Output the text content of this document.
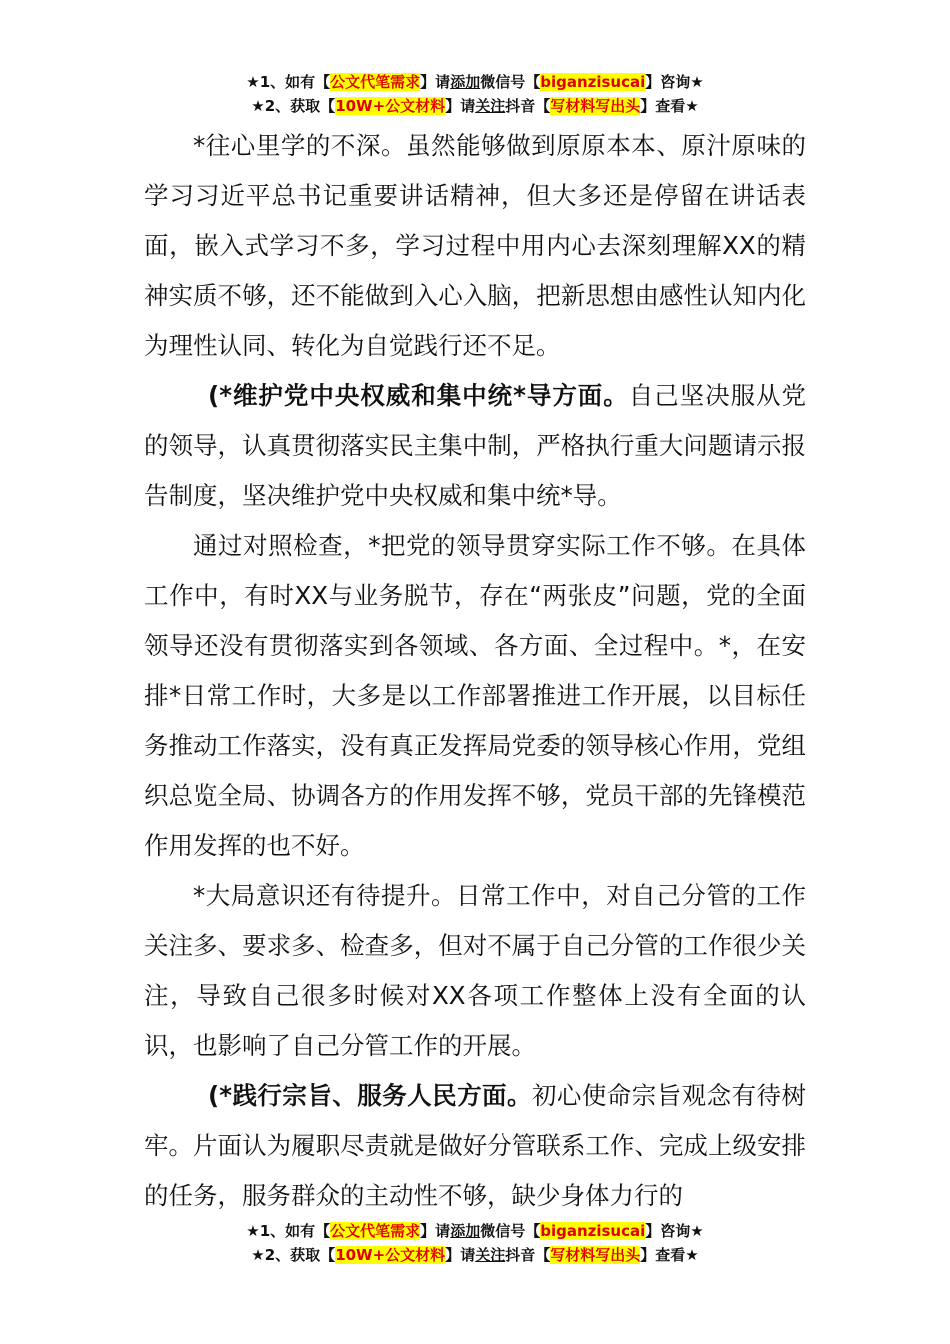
★1、如有【公文代笔需求】请添加微信号【biganzisucai】咨询★
★2、获取【10W+公文材料】请关注抖音【写材料写出头】查看★

*往心里学的不深。虽然能够做到原原本本、原汁原味的学习习近平总书记重要讲话精神，但大多还是停留在讲话表面，嵌入式学习不多，学习过程中用内心去深刻理解XX的精神实质不够，还不能做到入心入脑，把新思想由感性认知内化为理性认同、转化为自觉践行还不足。

(*维护党中央权威和集中统*导方面。自己坚决服从党的领导，认真贯彻落实民主集中制，严格执行重大问题请示报告制度，坚决维护党中央权威和集中统*导。

通过对照检查，*把党的领导贯穿实际工作不够。在具体工作中，有时XX与业务脱节，存在“两张皮”问题，党的全面领导还没有贯彻落实到各领域、各方面、全过程中。*，在安排*日常工作时，大多是以工作部署推进工作开展，以目标任务推动工作落实，没有真正发挥局党委的领导核心作用，党组织总览全局、协调各方的作用发挥不够，党员干部的先锋模范作用发挥的也不好。

*大局意识还有待提升。日常工作中，对自己分管的工作关注多、要求多、检查多，但对不属于自己分管的工作很少关注，导致自己很多时候对XX各项工作整体上没有全面的认识，也影响了自己分管工作的开展。

(*践行宗旨、服务人民方面。初心使命宗旨观念有待树牢。片面认为履职尽责就是做好分管联系工作、完成上级安排的任务，服务群众的主动性不够，缺少身体力行的

★1、如有【公文代笔需求】请添加微信号【biganzisucai】咨询★
★2、获取【10W+公文材料】请关注抖音【写材料写出头】查看★
